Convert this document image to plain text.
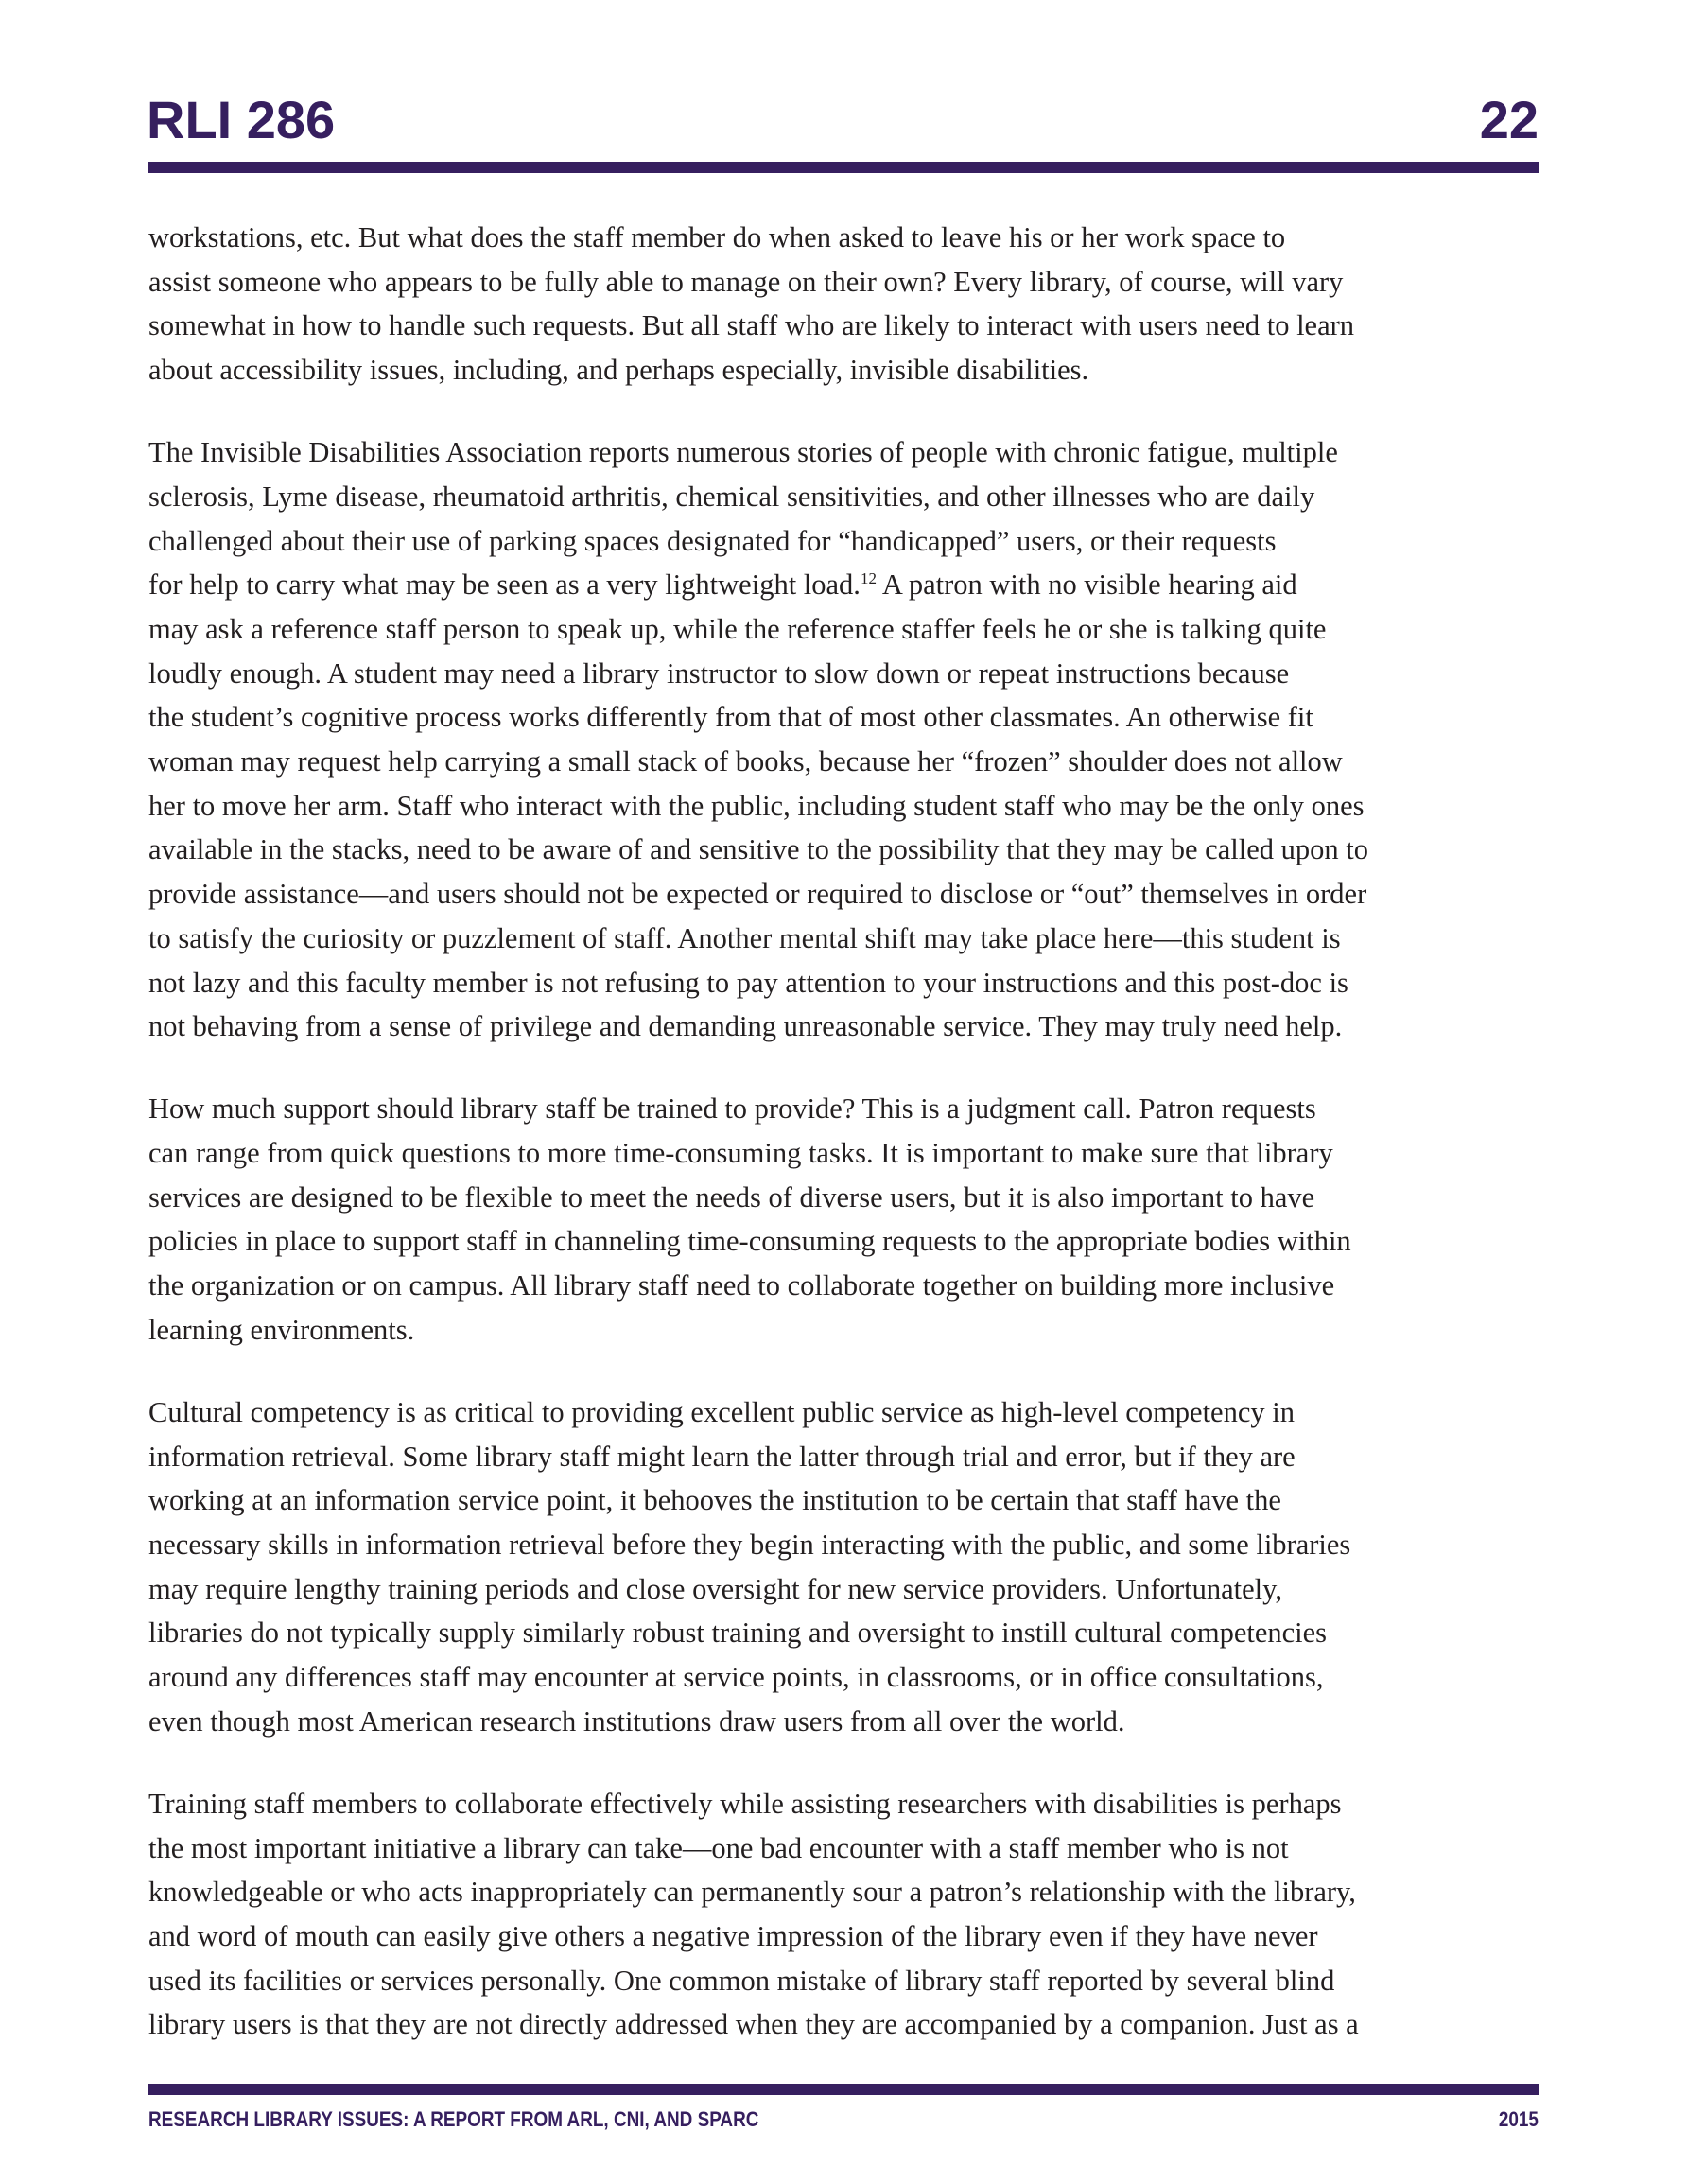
RLI 286	22

workstations, etc. But what does the staff member do when asked to leave his or her work space to
assist someone who appears to be fully able to manage on their own? Every library, of course, will vary
somewhat in how to handle such requests. But all staff who are likely to interact with users need to learn
about accessibility issues, including, and perhaps especially, invisible disabilities.

The Invisible Disabilities Association reports numerous stories of people with chronic fatigue, multiple
sclerosis, Lyme disease, rheumatoid arthritis, chemical sensitivities, and other illnesses who are daily
challenged about their use of parking spaces designated for “handicapped” users, or their requests
for help to carry what may be seen as a very lightweight load.$^{12}$ A patron with no visible hearing aid
may ask a reference staff person to speak up, while the reference staffer feels he or she is talking quite
loudly enough. A student may need a library instructor to slow down or repeat instructions because
the student’s cognitive process works differently from that of most other classmates. An otherwise fit
woman may request help carrying a small stack of books, because her “frozen” shoulder does not allow
her to move her arm. Staff who interact with the public, including student staff who may be the only ones
available in the stacks, need to be aware of and sensitive to the possibility that they may be called upon to
provide assistance—and users should not be expected or required to disclose or “out” themselves in order
to satisfy the curiosity or puzzlement of staff. Another mental shift may take place here—this student is
not lazy and this faculty member is not refusing to pay attention to your instructions and this post-doc is
not behaving from a sense of privilege and demanding unreasonable service. They may truly need help.

How much support should library staff be trained to provide? This is a judgment call. Patron requests
can range from quick questions to more time-consuming tasks. It is important to make sure that library
services are designed to be flexible to meet the needs of diverse users, but it is also important to have
policies in place to support staff in channeling time-consuming requests to the appropriate bodies within
the organization or on campus. All library staff need to collaborate together on building more inclusive
learning environments.

Cultural competency is as critical to providing excellent public service as high-level competency in
information retrieval. Some library staff might learn the latter through trial and error, but if they are
working at an information service point, it behooves the institution to be certain that staff have the
necessary skills in information retrieval before they begin interacting with the public, and some libraries
may require lengthy training periods and close oversight for new service providers. Unfortunately,
libraries do not typically supply similarly robust training and oversight to instill cultural competencies
around any differences staff may encounter at service points, in classrooms, or in office consultations,
even though most American research institutions draw users from all over the world.

Training staff members to collaborate effectively while assisting researchers with disabilities is perhaps
the most important initiative a library can take—one bad encounter with a staff member who is not
knowledgeable or who acts inappropriately can permanently sour a patron’s relationship with the library,
and word of mouth can easily give others a negative impression of the library even if they have never
used its facilities or services personally. One common mistake of library staff reported by several blind
library users is that they are not directly addressed when they are accompanied by a companion. Just as a

RESEARCH LIBRARY ISSUES: A REPORT FROM ARL, CNI, AND SPARC	2015
